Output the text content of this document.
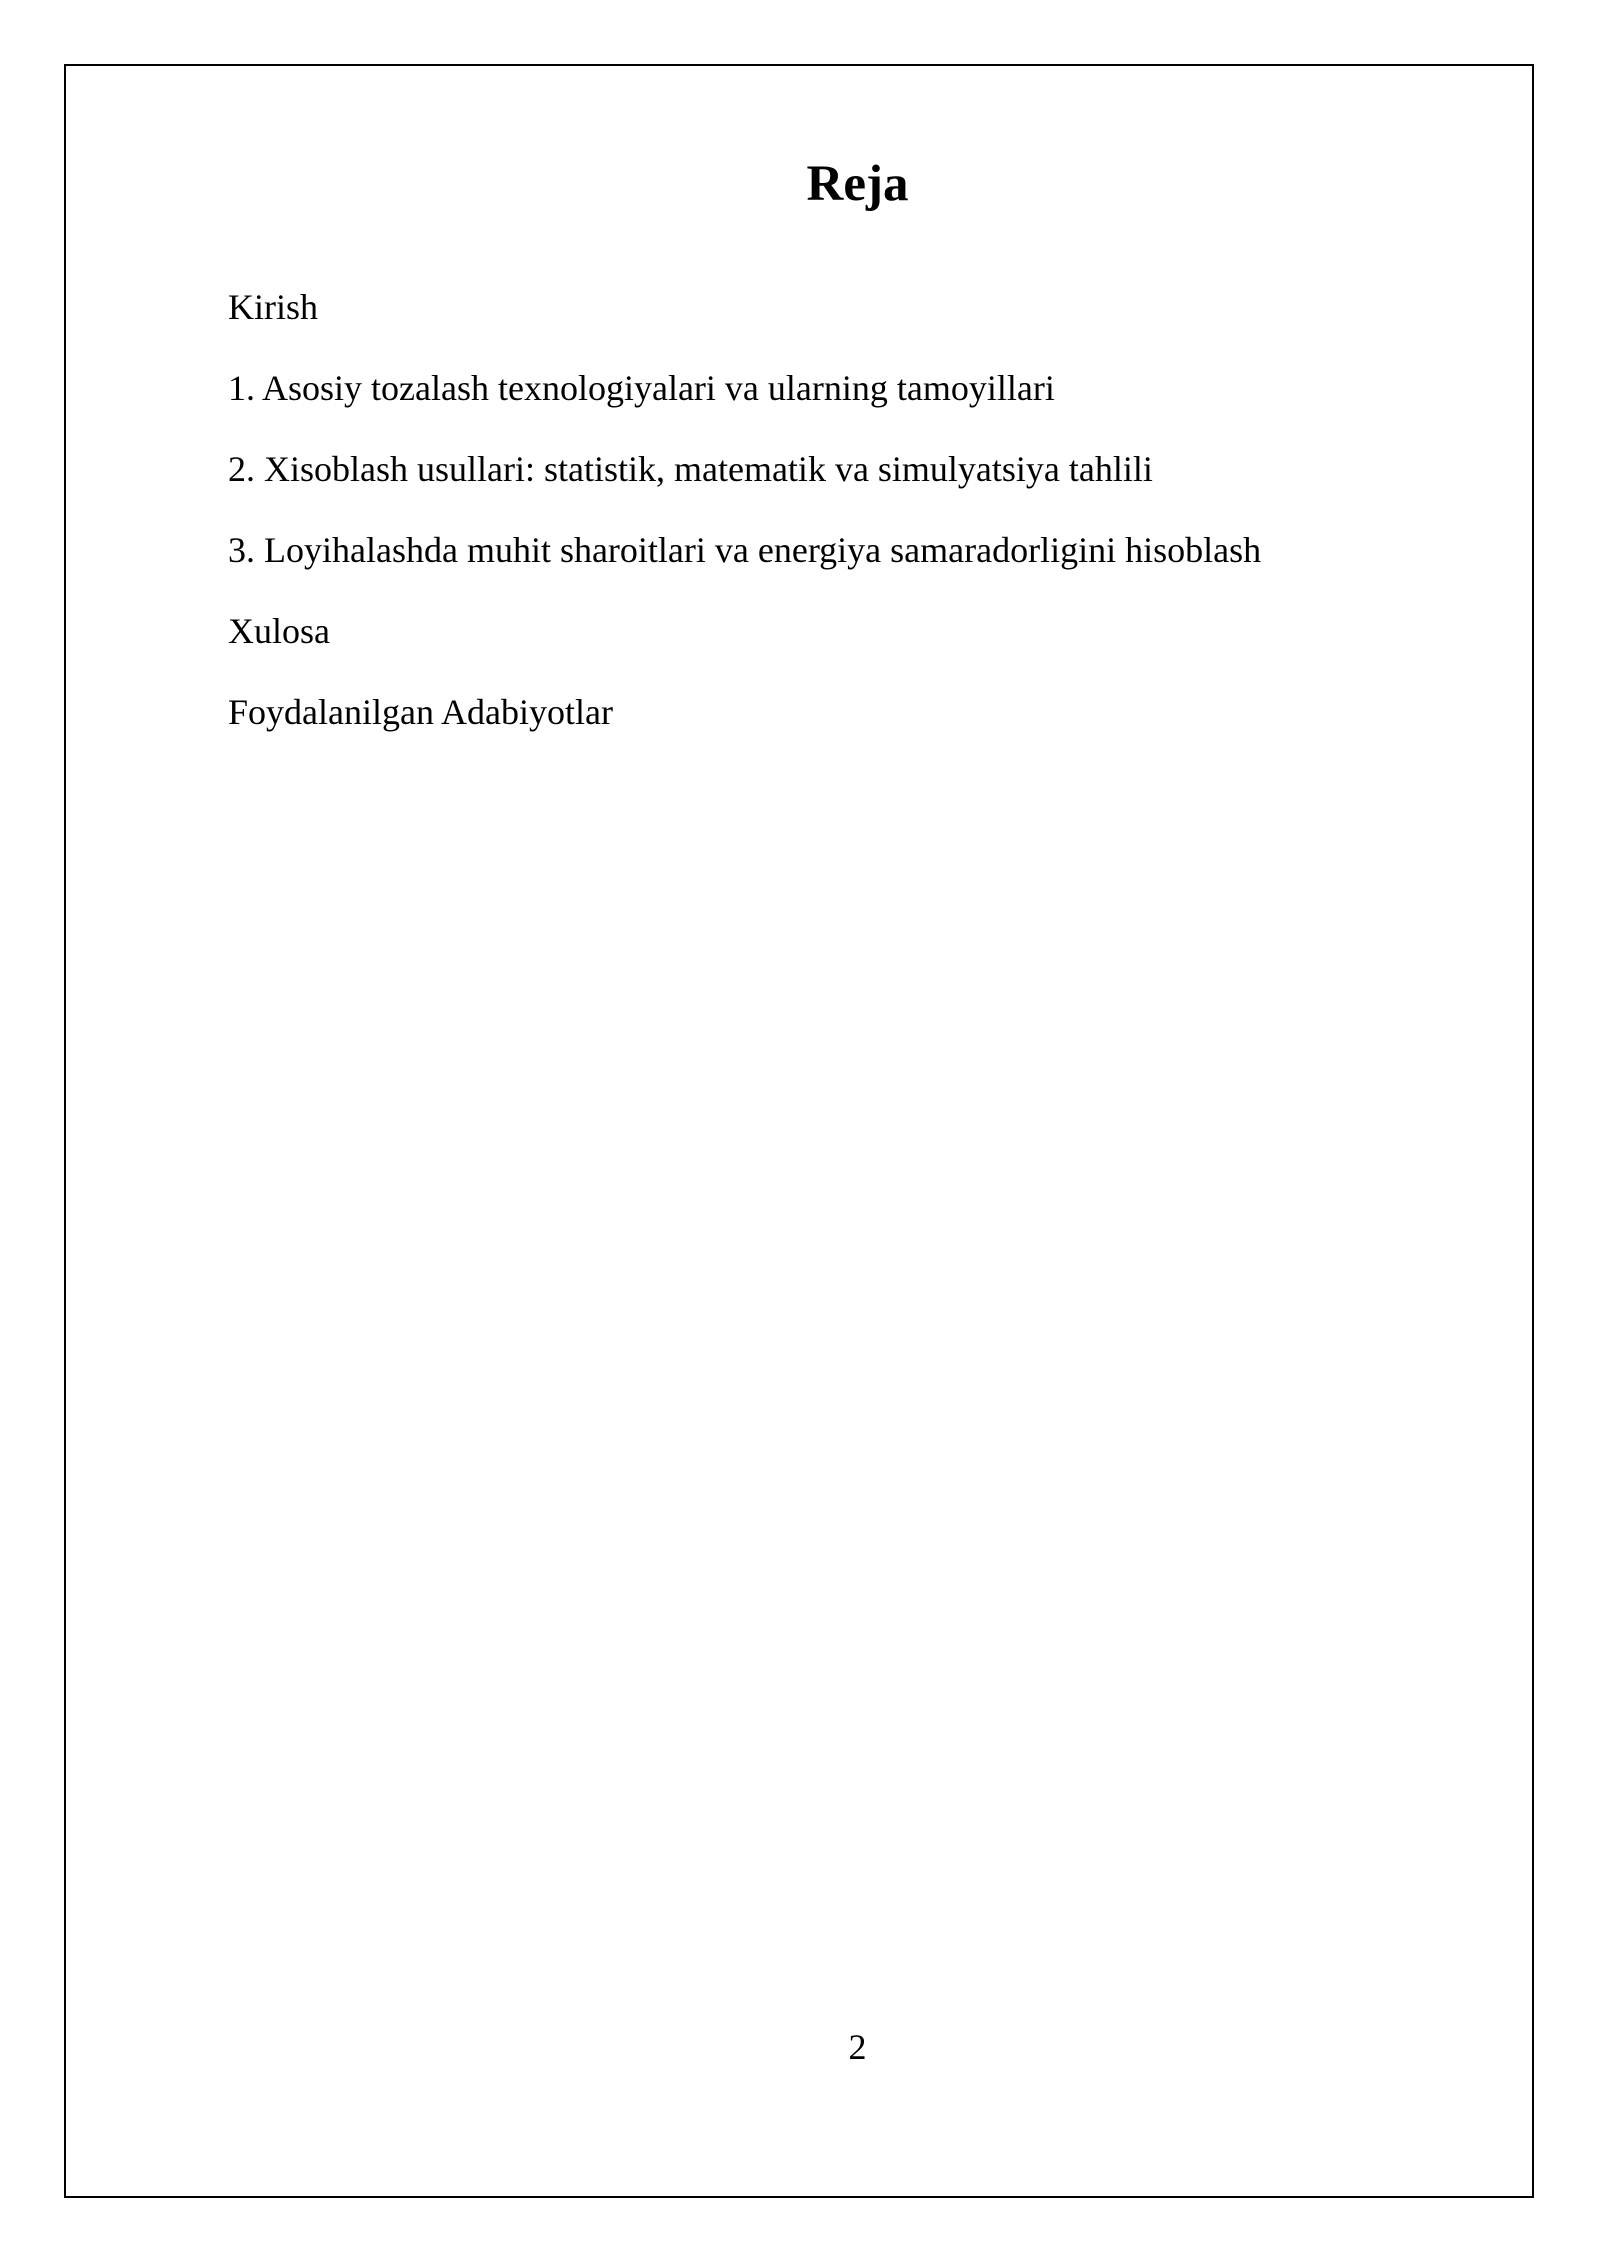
Reja
Kirish
1. Asosiy tozalash texnologiyalari va ularning tamoyillari
2. Xisoblash usullari: statistik, matematik va simulyatsiya tahlili
3. Loyihalashda muhit sharoitlari va energiya samaradorligini hisoblash
Xulosa
Foydalanilgan Adabiyotlar
2
